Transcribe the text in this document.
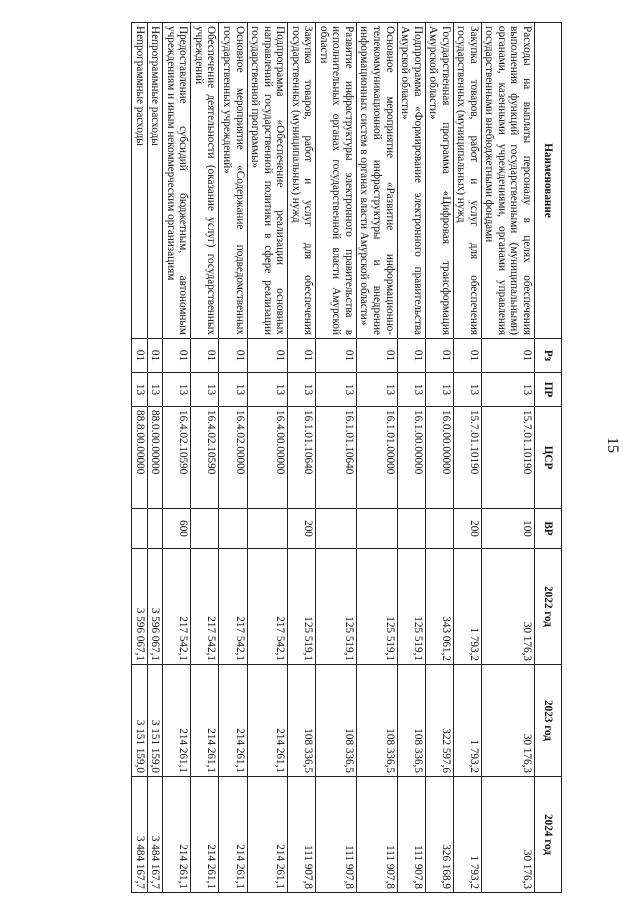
15
Наименование	Рз	ПР	ЦСР	ВР	2022 год	2023 год	2024 год
Расходы на выплаты персоналу в целях обеспечения выполнения функций государственными (муниципальными) органами, казенными учреждениями, органами управления государственными внебюджетными фондами	01	13	15.7.01.10190	100	30 176,3	30 176,3	30 176,3
Закупка товаров, работ и услуг для обеспечения государственных (муниципальных) нужд	01	13	15.7.01.10190	200	1 793,2	1 793,2	1 793,2
Государственная программа «Цифровая трансформация Амурской области»	01	13	16.0.00.00000		343 061,2	322 597,6	326 168,9
Подпрограмма «Формирование электронного правительства Амурской области»	01	13	16.1.00.00000		125 519,1	108 336,5	111 907,8
Основное мероприятие «Развитие информационно-телекоммуникационной инфраструктуры и внедрение информационных систем в органах власти Амурской области»	01	13	16.1.01.00000		125 519,1	108 336,5	111 907,8
Развитие инфраструктуры электронного правительства в исполнительных органах государственной власти Амурской области	01	13	16.1.01.10640		125 519,1	108 336,5	111 907,8
Закупка товаров, работ и услуг для обеспечения государственных (муниципальных) нужд	01	13	16.1.01.10640	200	125 519,1	108 336,5	111 907,8
Подпрограмма «Обеспечение реализации основных направлений государственной политики в сфере реализации государственной программы»	01	13	16.4.00.00000		217 542,1	214 261,1	214 261,1
Основное мероприятие «Содержание подведомственных государственных учреждений»	01	13	16.4.02.00000		217 542,1	214 261,1	214 261,1
Обеспечение деятельности (оказание услуг) государственных учреждений	01	13	16.4.02.10590		217 542,1	214 261,1	214 261,1
Предоставление субсидий бюджетным, автономным учреждениям и иным некоммерческим организациям	01	13	16.4.02.10590	600	217 542,1	214 261,1	214 261,1
Непрограммные расходы	01	13	88.0.00.00000		3 596 067,1	3 151 159,0	3 484 167,7
Непрограммные расходы	01	13	88.8.00.00000		3 596 067,1	3 151 159,0	3 484 167,7
